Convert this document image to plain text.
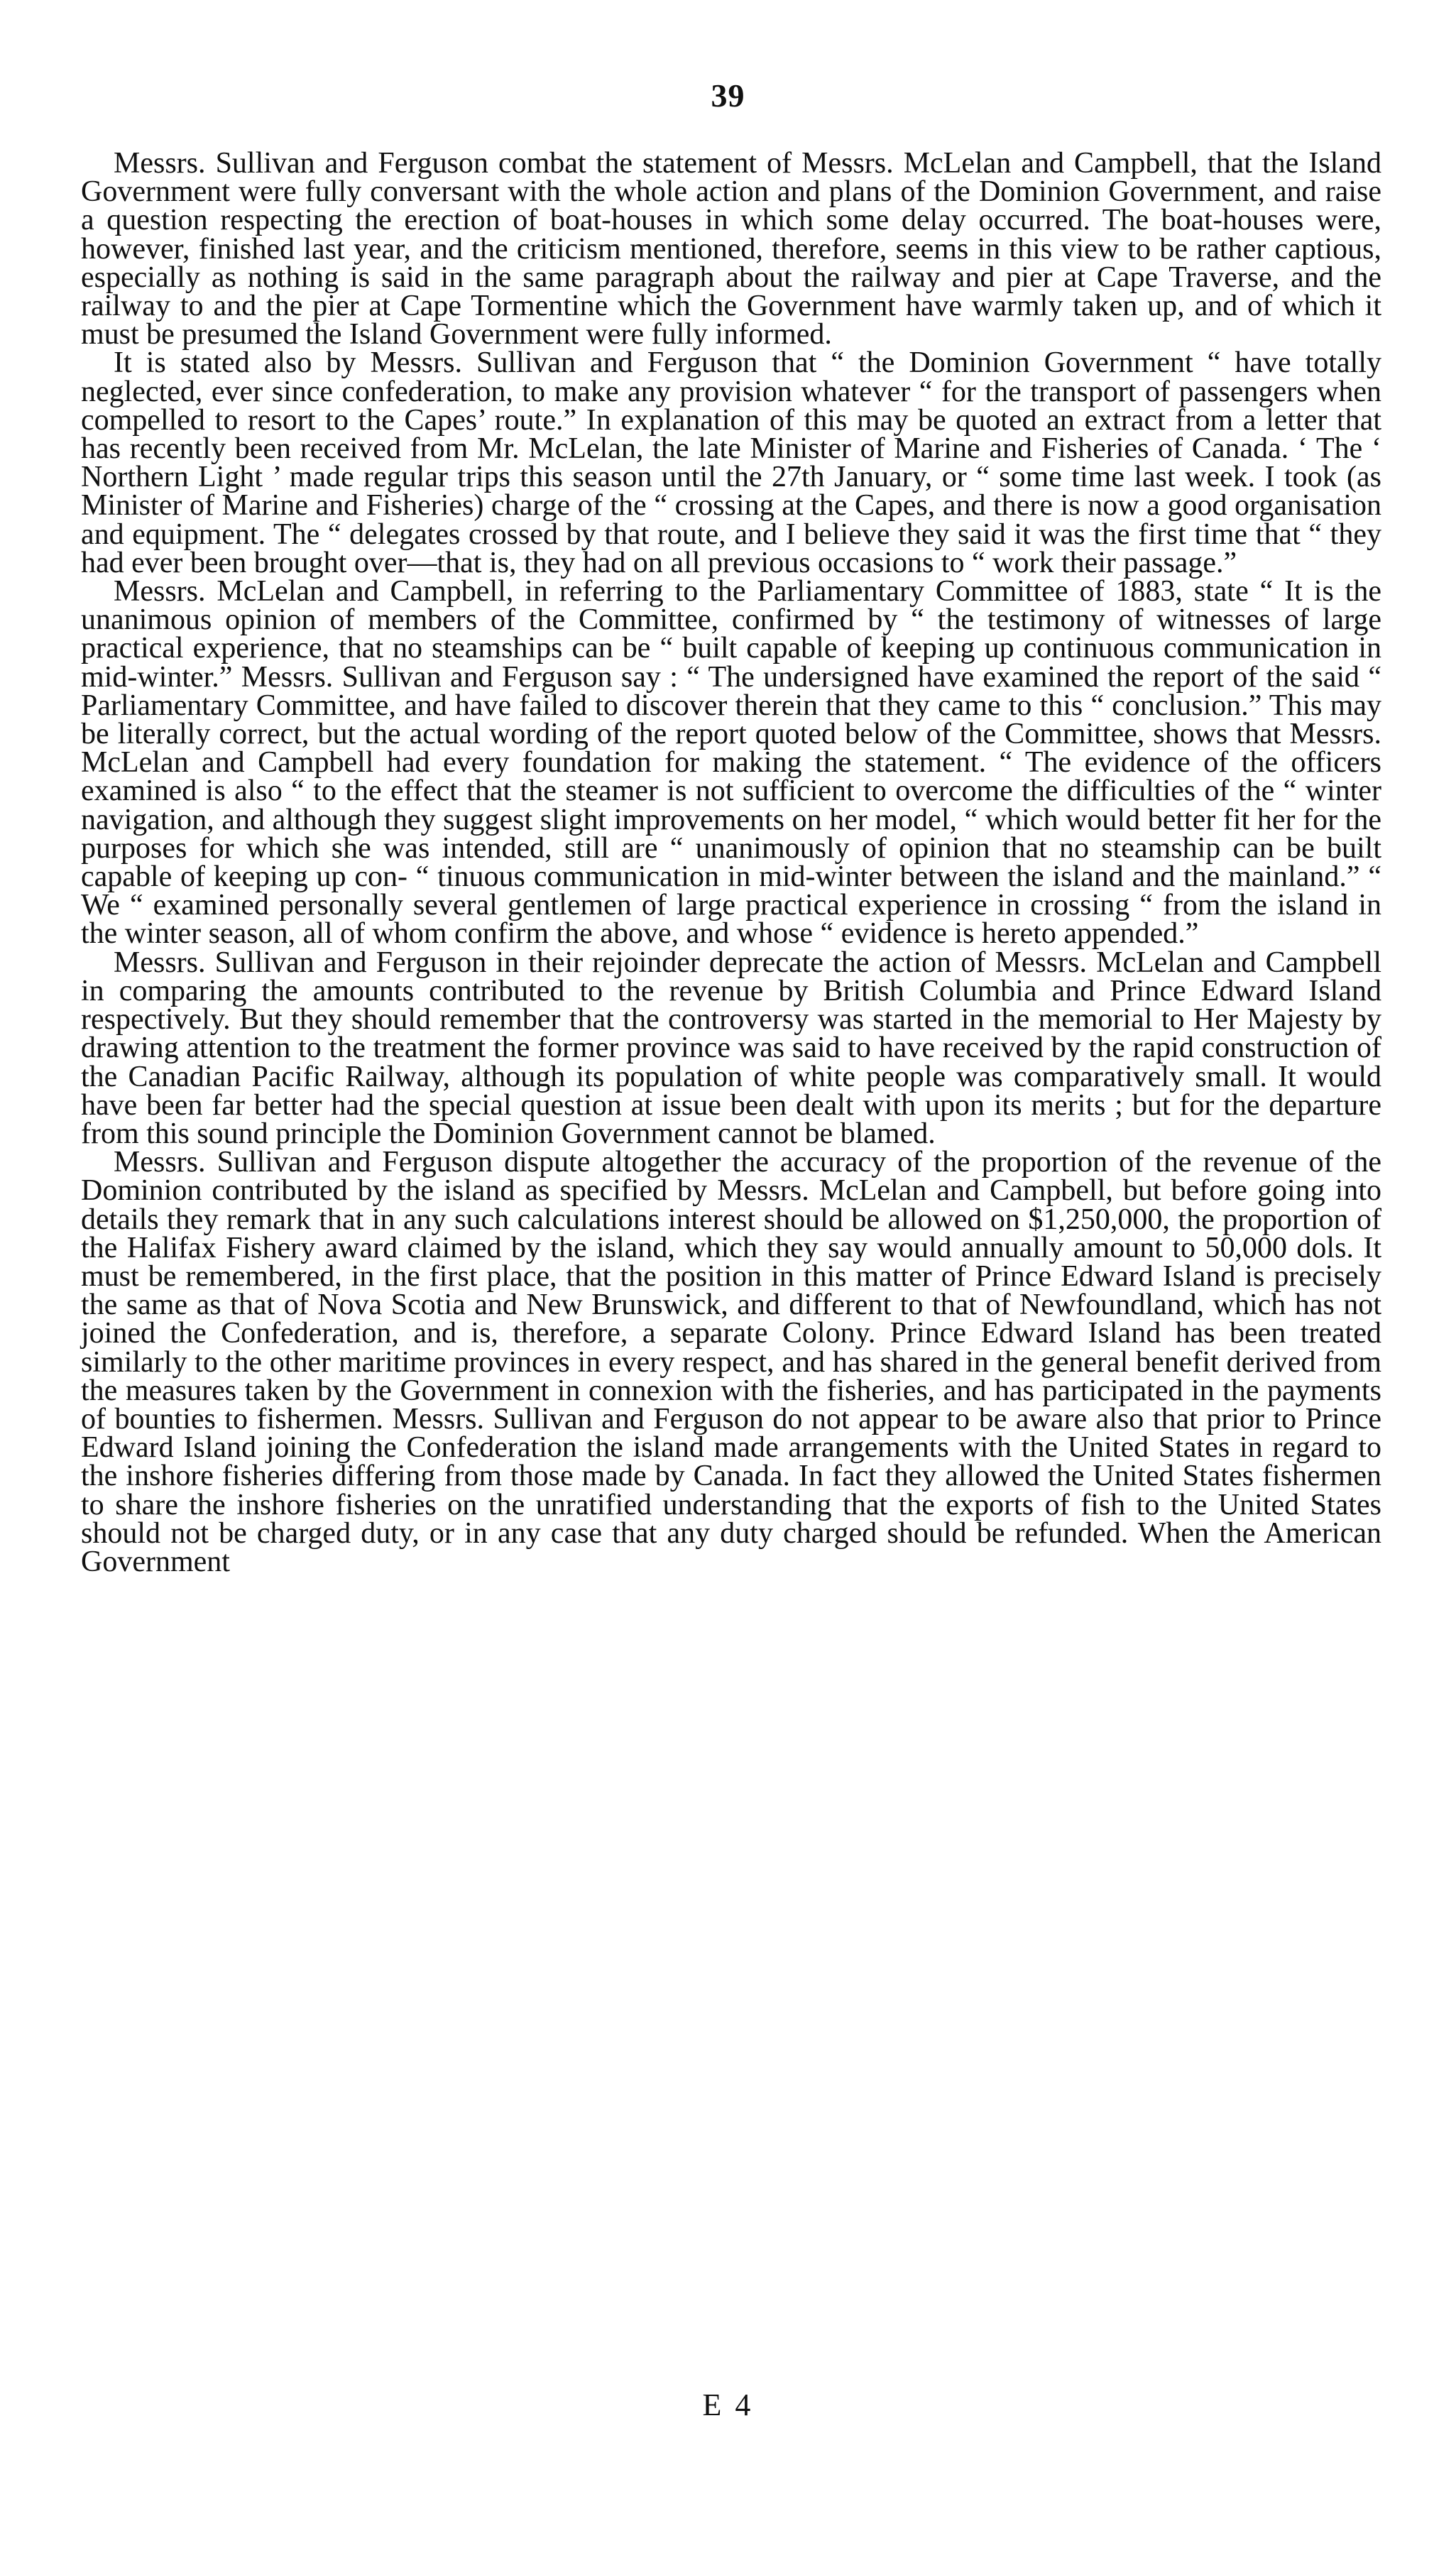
39

Messrs. Sullivan and Ferguson combat the statement of Messrs. McLelan and Campbell, that the Island Government were fully conversant with the whole action and plans of the Dominion Government, and raise a question respecting the erection of boat-houses in which some delay occurred. The boat-houses were, however, finished last year, and the criticism mentioned, therefore, seems in this view to be rather captious, especially as nothing is said in the same paragraph about the railway and pier at Cape Traverse, and the railway to and the pier at Cape Tormentine which the Government have warmly taken up, and of which it must be presumed the Island Government were fully informed.

It is stated also by Messrs. Sullivan and Ferguson that “ the Dominion Government “ have totally neglected, ever since confederation, to make any provision whatever “ for the transport of passengers when compelled to resort to the Capes’ route.” In explanation of this may be quoted an extract from a letter that has recently been received from Mr. McLelan, the late Minister of Marine and Fisheries of Canada. ‘ The ‘ Northern Light ’ made regular trips this season until the 27th January, or “ some time last week. I took (as Minister of Marine and Fisheries) charge of the “ crossing at the Capes, and there is now a good organisation and equipment. The “ delegates crossed by that route, and I believe they said it was the first time that “ they had ever been brought over—that is, they had on all previous occasions to “ work their passage.”

Messrs. McLelan and Campbell, in referring to the Parliamentary Committee of 1883, state “ It is the unanimous opinion of members of the Committee, confirmed by “ the testimony of witnesses of large practical experience, that no steamships can be “ built capable of keeping up continuous communication in mid-winter.” Messrs. Sullivan and Ferguson say : “ The undersigned have examined the report of the said “ Parliamentary Committee, and have failed to discover therein that they came to this “ conclusion.” This may be literally correct, but the actual wording of the report quoted below of the Committee, shows that Messrs. McLelan and Campbell had every foundation for making the statement. “ The evidence of the officers examined is also “ to the effect that the steamer is not sufficient to overcome the difficulties of the “ winter navigation, and although they suggest slight improvements on her model, “ which would better fit her for the purposes for which she was intended, still are “ unanimously of opinion that no steamship can be built capable of keeping up con- “ tinuous communication in mid-winter between the island and the mainland.” “ We “ examined personally several gentlemen of large practical experience in crossing “ from the island in the winter season, all of whom confirm the above, and whose “ evidence is hereto appended.”

Messrs. Sullivan and Ferguson in their rejoinder deprecate the action of Messrs. McLelan and Campbell in comparing the amounts contributed to the revenue by British Columbia and Prince Edward Island respectively. But they should remember that the controversy was started in the memorial to Her Majesty by drawing attention to the treatment the former province was said to have received by the rapid construction of the Canadian Pacific Railway, although its population of white people was comparatively small. It would have been far better had the special question at issue been dealt with upon its merits ; but for the departure from this sound principle the Dominion Government cannot be blamed.

Messrs. Sullivan and Ferguson dispute altogether the accuracy of the proportion of the revenue of the Dominion contributed by the island as specified by Messrs. McLelan and Campbell, but before going into details they remark that in any such calculations interest should be allowed on $1,250,000, the proportion of the Halifax Fishery award claimed by the island, which they say would annually amount to 50,000 dols. It must be remembered, in the first place, that the position in this matter of Prince Edward Island is precisely the same as that of Nova Scotia and New Brunswick, and different to that of Newfoundland, which has not joined the Confederation, and is, therefore, a separate Colony. Prince Edward Island has been treated similarly to the other maritime provinces in every respect, and has shared in the general benefit derived from the measures taken by the Government in connexion with the fisheries, and has participated in the payments of bounties to fishermen. Messrs. Sullivan and Ferguson do not appear to be aware also that prior to Prince Edward Island joining the Confederation the island made arrangements with the United States in regard to the inshore fisheries differing from those made by Canada. In fact they allowed the United States fishermen to share the inshore fisheries on the unratified understanding that the exports of fish to the United States should not be charged duty, or in any case that any duty charged should be refunded. When the American Government

E 4
